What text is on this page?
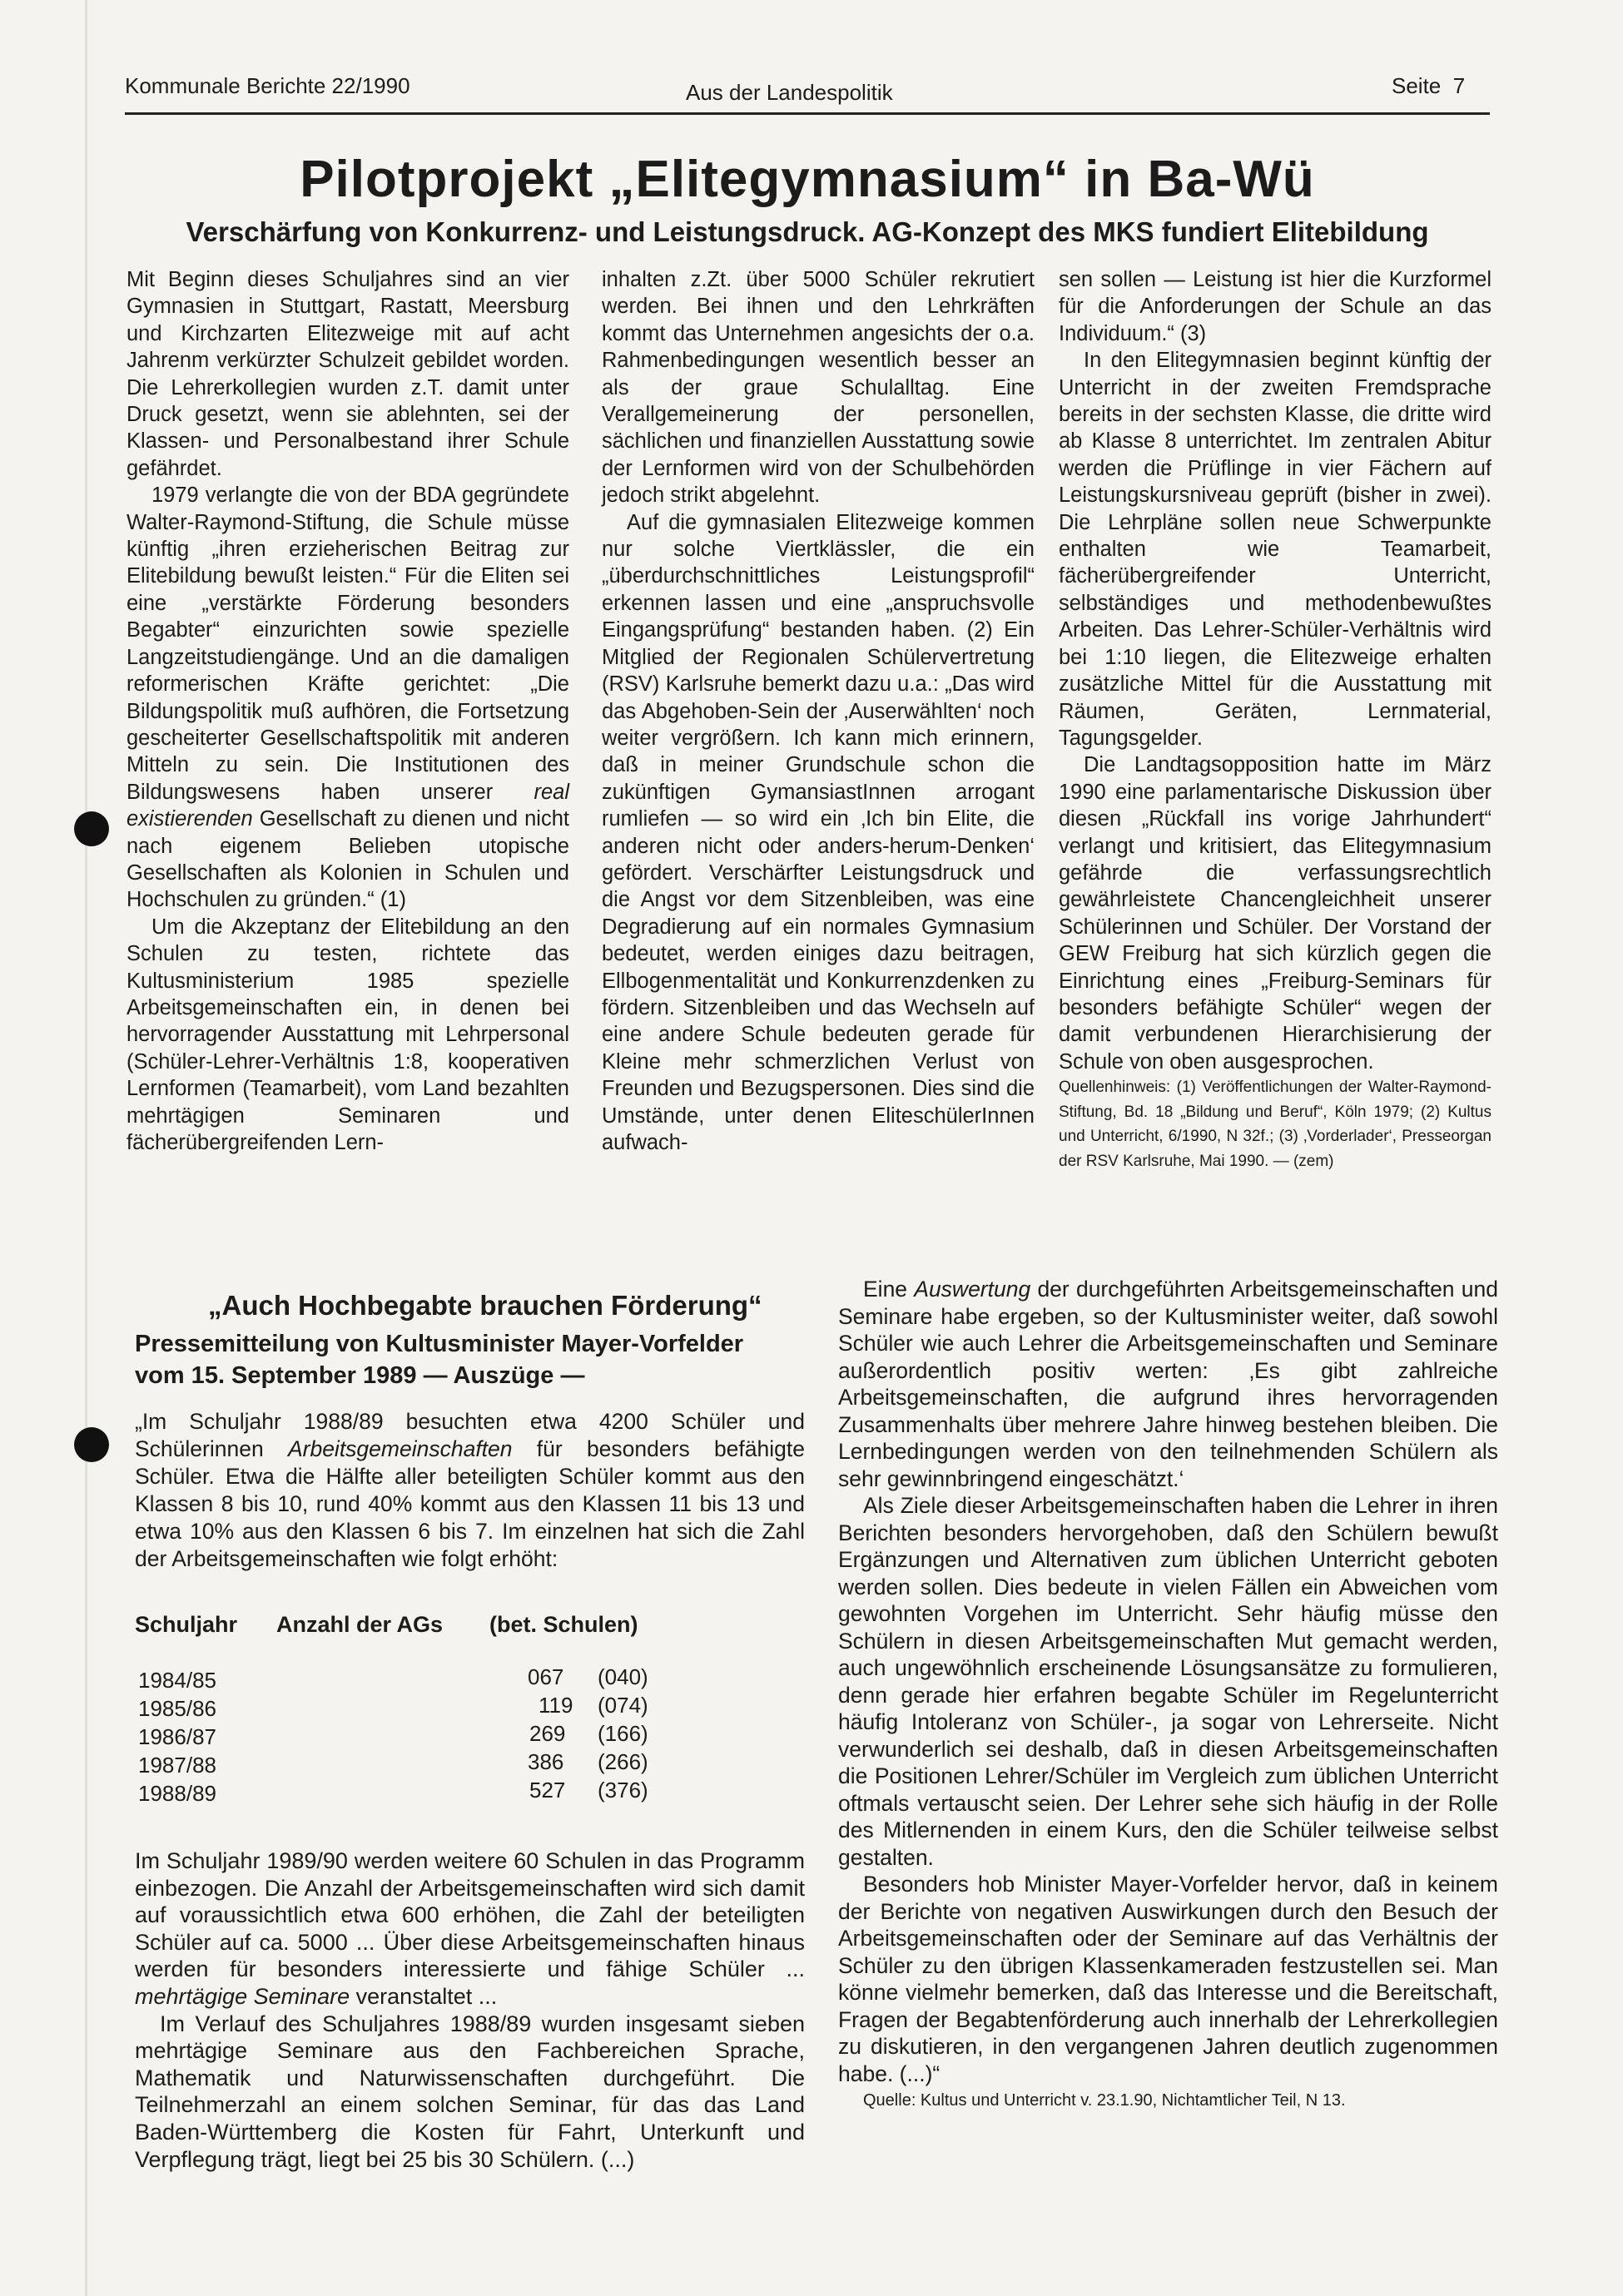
Kommunale Berichte 22/1990	Aus der Landespolitik	Seite  7
Pilotprojekt „Elitegymnasium“ in Ba-Wü
Verschärfung von Konkurrenz- und Leistungsdruck. AG-Konzept des MKS fundiert Elitebildung

Mit Beginn dieses Schuljahres sind an vier Gymnasien in Stuttgart, Rastatt, Meersburg und Kirchzarten Elitezweige mit auf acht Jahrenm verkürzter Schulzeit gebildet worden. Die Lehrerkollegien wurden z.T. damit unter Druck gesetzt, wenn sie ablehnten, sei der Klassen- und Personalbestand ihrer Schule gefährdet.

1979 verlangte die von der BDA gegründete Walter-Raymond-Stiftung, die Schule müsse künftig „ihren erzieherischen Beitrag zur Elitebildung bewußt leisten.“ Für die Eliten sei eine „verstärkte Förderung besonders Begabter“ einzurichten sowie spezielle Langzeitstudiengänge. Und an die damaligen reformerischen Kräfte gerichtet: „Die Bildungspolitik muß aufhören, die Fortsetzung gescheiterter Gesellschaftspolitik mit anderen Mitteln zu sein. Die Institutionen des Bildungswesens haben unserer real existierenden Gesellschaft zu dienen und nicht nach eigenem Belieben utopische Gesellschaften als Kolonien in Schulen und Hochschulen zu gründen.“ (1)

Um die Akzeptanz der Elitebildung an den Schulen zu testen, richtete das Kultusministerium 1985 spezielle Arbeitsgemeinschaften ein, in denen bei hervorragender Ausstattung mit Lehrpersonal (Schüler-Lehrer-Verhältnis 1:8, kooperativen Lernformen (Teamarbeit), vom Land bezahlten mehrtägigen Seminaren und fächerübergreifenden Lern-

inhalten z.Zt. über 5000 Schüler rekrutiert werden. Bei ihnen und den Lehrkräften kommt das Unternehmen angesichts der o.a. Rahmenbedingungen wesentlich besser an als der graue Schulalltag. Eine Verallgemeinerung der personellen, sächlichen und finanziellen Ausstattung sowie der Lernformen wird von der Schulbehörden jedoch strikt abgelehnt.

Auf die gymnasialen Elitezweige kommen nur solche Viertklässler, die ein „überdurchschnittliches Leistungsprofil“ erkennen lassen und eine „anspruchsvolle Eingangsprüfung“ bestanden haben. (2) Ein Mitglied der Regionalen Schülervertretung (RSV) Karlsruhe bemerkt dazu u.a.: „Das wird das Abgehoben-Sein der ‚Auserwählten‘ noch weiter vergrößern. Ich kann mich erinnern, daß in meiner Grundschule schon die zukünftigen GymansiastInnen arrogant rumliefen — so wird ein ‚Ich bin Elite, die anderen nicht oder anders-herum-Denken‘ gefördert. Verschärfter Leistungsdruck und die Angst vor dem Sitzenbleiben, was eine Degradierung auf ein normales Gymnasium bedeutet, werden einiges dazu beitragen, Ellbogenmentalität und Konkurrenzdenken zu fördern. Sitzenbleiben und das Wechseln auf eine andere Schule bedeuten gerade für Kleine mehr schmerzlichen Verlust von Freunden und Bezugspersonen. Dies sind die Umstände, unter denen EliteschülerInnen aufwach-

sen sollen — Leistung ist hier die Kurzformel für die Anforderungen der Schule an das Individuum.“ (3)

In den Elitegymnasien beginnt künftig der Unterricht in der zweiten Fremdsprache bereits in der sechsten Klasse, die dritte wird ab Klasse 8 unterrichtet. Im zentralen Abitur werden die Prüflinge in vier Fächern auf Leistungskursniveau geprüft (bisher in zwei). Die Lehrpläne sollen neue Schwerpunkte enthalten wie Teamarbeit, fächerübergreifender Unterricht, selbständiges und methodenbewußtes Arbeiten. Das Lehrer-Schüler-Verhältnis wird bei 1:10 liegen, die Elitezweige erhalten zusätzliche Mittel für die Ausstattung mit Räumen, Geräten, Lernmaterial, Tagungsgelder.

Die Landtagsopposition hatte im März 1990 eine parlamentarische Diskussion über diesen „Rückfall ins vorige Jahrhundert“ verlangt und kritisiert, das Elitegymnasium gefährde die verfassungsrechtlich gewährleistete Chancengleichheit unserer Schülerinnen und Schüler. Der Vorstand der GEW Freiburg hat sich kürzlich gegen die Einrichtung eines „Freiburg-Seminars für besonders befähigte Schüler“ wegen der damit verbundenen Hierarchisierung der Schule von oben ausgesprochen.

Quellenhinweis: (1) Veröffentlichungen der Walter-Raymond-Stiftung, Bd. 18 „Bildung und Beruf“, Köln 1979; (2) Kultus und Unterricht, 6/1990, N 32f.; (3) ‚Vorderlader‘, Presseorgan der RSV Karlsruhe, Mai 1990. — (zem)

„Auch Hochbegabte brauchen Förderung“
Pressemitteilung von Kultusminister Mayer-Vorfelder
vom 15. September 1989 — Auszüge —
„Im Schuljahr 1988/89 besuchten etwa 4200 Schüler und Schülerinnen Arbeitsgemeinschaften für besonders befähigte Schüler. Etwa die Hälfte aller beteiligten Schüler kommt aus den Klassen 8 bis 10, rund 40% kommt aus den Klassen 11 bis 13 und etwa 10% aus den Klassen 6 bis 7. Im einzelnen hat sich die Zahl der Arbeitsgemeinschaften wie folgt erhöht:
Schuljahr Anzahl der AGs (bet. Schulen)
1984/85	067 (040)
1985/86	119 (074)
1986/87	269 (166)
1987/88	386 (266)
1988/89	527 (376)

Im Schuljahr 1989/90 werden weitere 60 Schulen in das Programm einbezogen. Die Anzahl der Arbeitsgemeinschaften wird sich damit auf voraussichtlich etwa 600 erhöhen, die Zahl der beteiligten Schüler auf ca. 5000 ... Über diese Arbeitsgemeinschaften hinaus werden für besonders interessierte und fähige Schüler ... mehrtägige Seminare veranstaltet ...

Im Verlauf des Schuljahres 1988/89 wurden insgesamt sieben mehrtägige Seminare aus den Fachbereichen Sprache, Mathematik und Naturwissenschaften durchgeführt. Die Teilnehmerzahl an einem solchen Seminar, für das das Land Baden-Württemberg die Kosten für Fahrt, Unterkunft und Verpflegung trägt, liegt bei 25 bis 30 Schülern. (...)

Eine Auswertung der durchgeführten Arbeitsgemeinschaften und Seminare habe ergeben, so der Kultusminister weiter, daß sowohl Schüler wie auch Lehrer die Arbeitsgemeinschaften und Seminare außerordentlich positiv werten: ‚Es gibt zahlreiche Arbeitsgemeinschaften, die aufgrund ihres hervorragenden Zusammenhalts über mehrere Jahre hinweg bestehen bleiben. Die Lernbedingungen werden von den teilnehmenden Schülern als sehr gewinnbringend eingeschätzt.‘

Als Ziele dieser Arbeitsgemeinschaften haben die Lehrer in ihren Berichten besonders hervorgehoben, daß den Schülern bewußt Ergänzungen und Alternativen zum üblichen Unterricht geboten werden sollen. Dies bedeute in vielen Fällen ein Abweichen vom gewohnten Vorgehen im Unterricht. Sehr häufig müsse den Schülern in diesen Arbeitsgemeinschaften Mut gemacht werden, auch ungewöhnlich erscheinende Lösungsansätze zu formulieren, denn gerade hier erfahren begabte Schüler im Regelunterricht häufig Intoleranz von Schüler-, ja sogar von Lehrerseite. Nicht verwunderlich sei deshalb, daß in diesen Arbeitsgemeinschaften die Positionen Lehrer/Schüler im Vergleich zum üblichen Unterricht oftmals vertauscht seien. Der Lehrer sehe sich häufig in der Rolle des Mitlernenden in einem Kurs, den die Schüler teilweise selbst gestalten.

Besonders hob Minister Mayer-Vorfelder hervor, daß in keinem der Berichte von negativen Auswirkungen durch den Besuch der Arbeitsgemeinschaften oder der Seminare auf das Verhältnis der Schüler zu den übrigen Klassenkameraden festzustellen sei. Man könne vielmehr bemerken, daß das Interesse und die Bereitschaft, Fragen der Begabtenförderung auch innerhalb der Lehrerkollegien zu diskutieren, in den vergangenen Jahren deutlich zugenommen habe. (...)“

Quelle: Kultus und Unterricht v. 23.1.90, Nichtamtlicher Teil, N 13.
